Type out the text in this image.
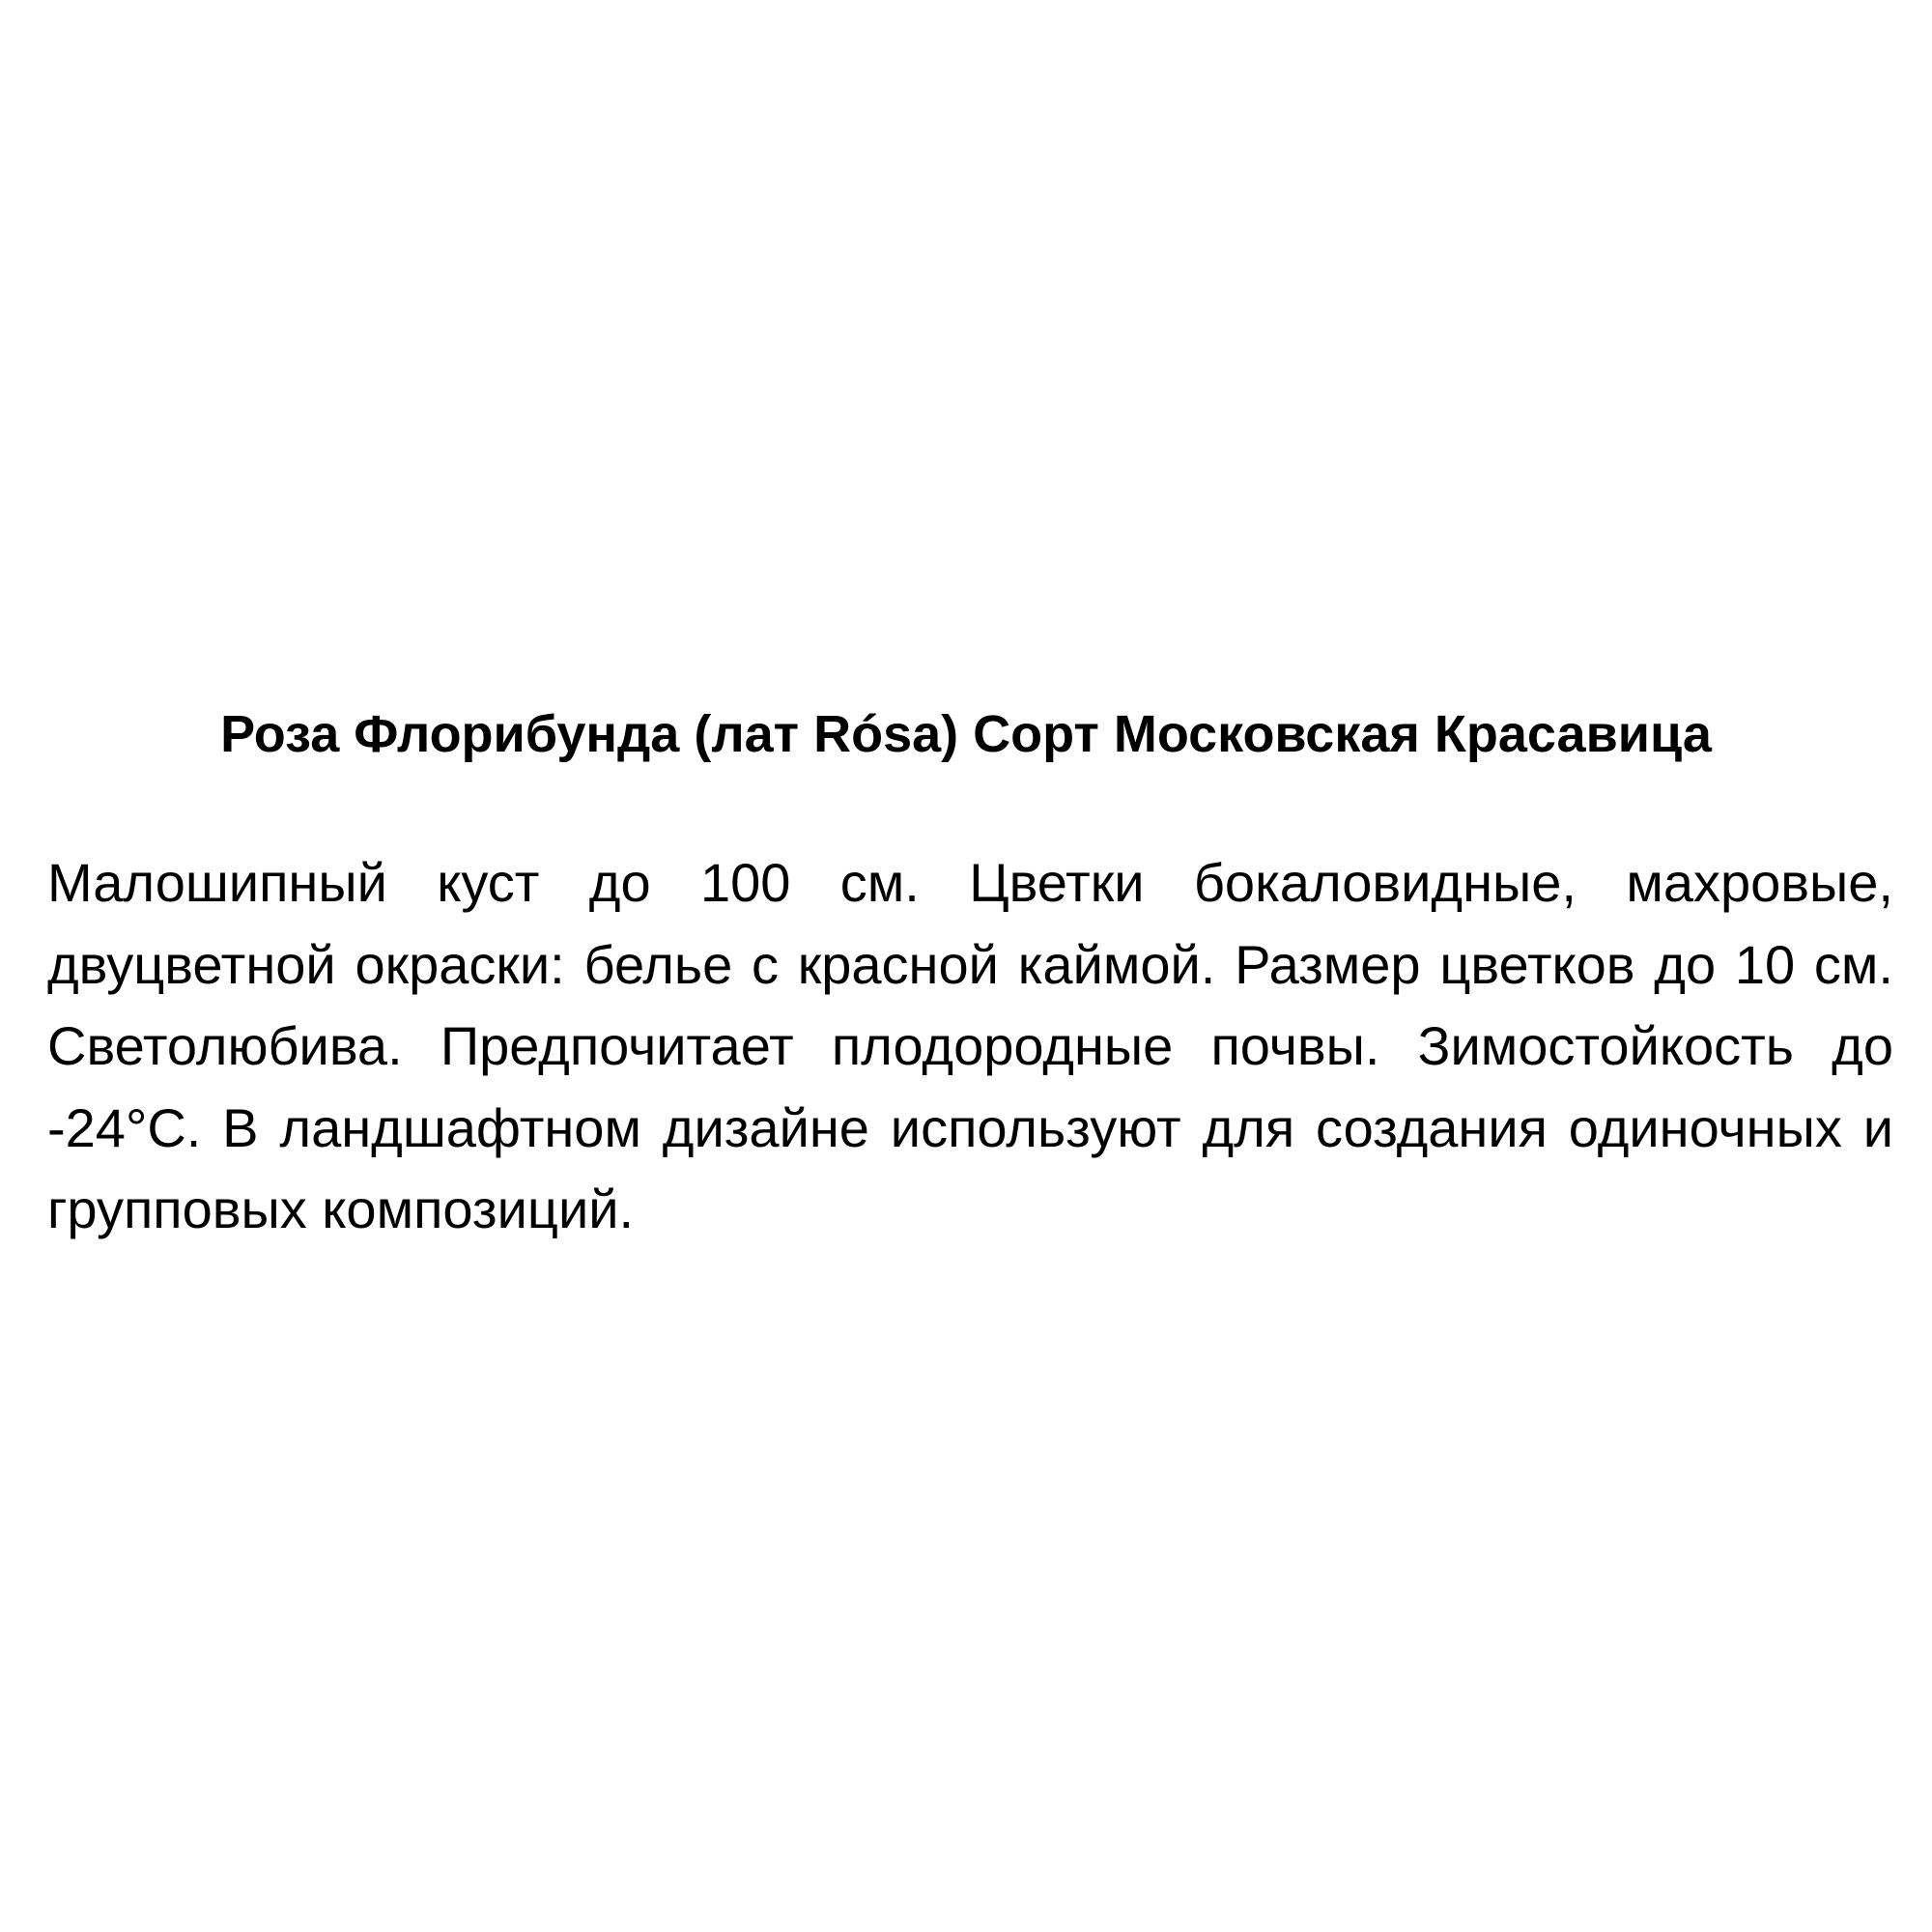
Роза Флорибунда (лат Rósa) Сорт Московская Красавица

Малошипный куст до 100 см. Цветки бокаловидные, махровые, двуцветной окраски: белье с красной каймой. Размер цветков до 10 см. Светолюбива. Предпочитает плодородные почвы. Зимостойкость до -24°С. В ландшафтном дизайне используют для создания одиночных и групповых композиций.
